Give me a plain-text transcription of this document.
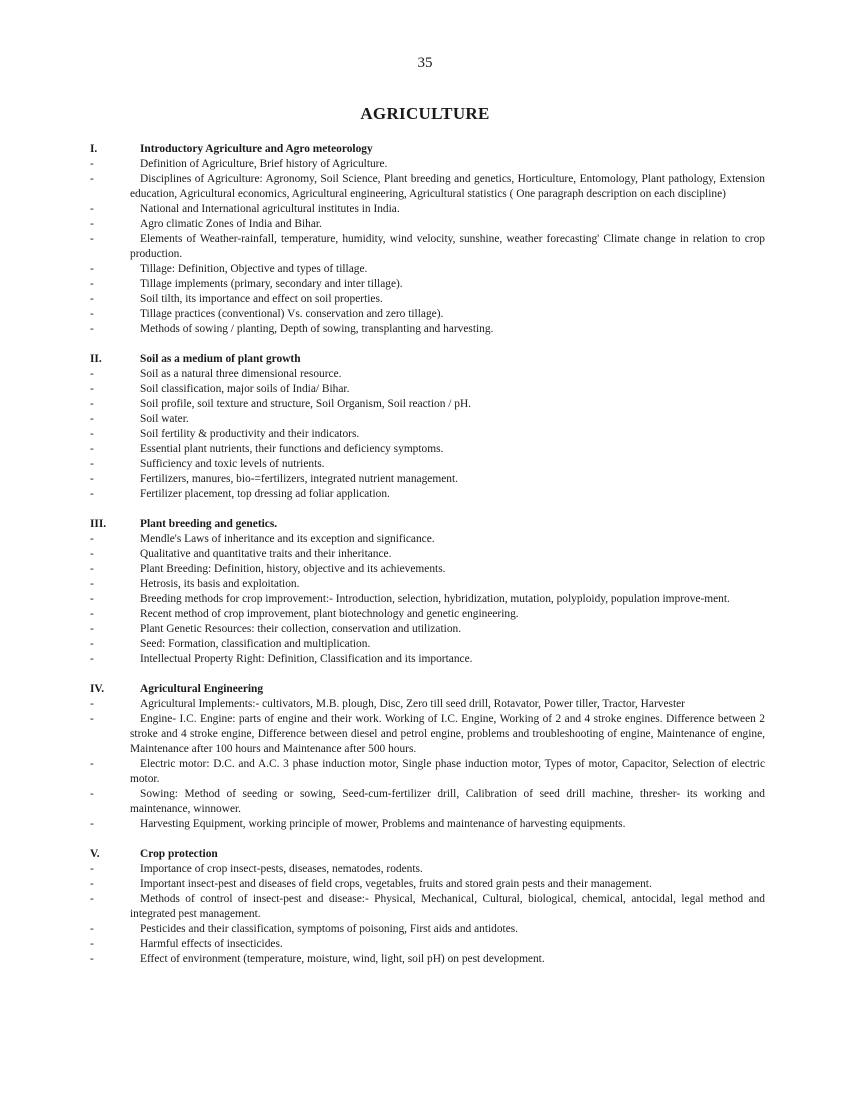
35
AGRICULTURE
I.	Introductory Agriculture and Agro meteorology
-	Definition of Agriculture, Brief history of Agriculture.
-	Disciplines of Agriculture: Agronomy, Soil Science, Plant breeding and genetics, Horticulture, Entomology, Plant pathology, Extension education, Agricultural economics, Agricultural engineering, Agricultural statistics ( One paragraph description on each discipline)
-	National and International agricultural institutes in India.
-	Agro climatic Zones of India and Bihar.
-	Elements of Weather-rainfall, temperature, humidity, wind velocity, sunshine, weather forecasting' Climate change in relation to crop production.
-	Tillage: Definition, Objective and types of tillage.
-	Tillage implements (primary, secondary and inter tillage).
-	Soil tilth, its importance and effect on soil properties.
-	Tillage practices (conventional) Vs. conservation and zero tillage).
-	Methods of sowing / planting, Depth of sowing, transplanting and harvesting.
II.	Soil as a medium of plant growth
-	Soil as a natural three dimensional resource.
-	Soil classification, major soils of India/ Bihar.
-	Soil profile, soil texture and structure, Soil Organism, Soil reaction / pH.
-	Soil water.
-	Soil fertility & productivity and their indicators.
-	Essential plant nutrients, their functions and deficiency symptoms.
-	Sufficiency and toxic levels of nutrients.
-	Fertilizers, manures, bio-=fertilizers, integrated nutrient management.
-	Fertilizer placement, top dressing ad foliar application.
III.	Plant breeding and genetics.
-	Mendle's Laws of inheritance and its exception and significance.
-	Qualitative and quantitative traits and their inheritance.
-	Plant Breeding: Definition, history, objective and its achievements.
-	Hetrosis, its basis and exploitation.
-	Breeding methods for crop improvement:- Introduction, selection, hybridization, mutation, polyploidy, population improve-ment.
-	Recent method of crop improvement, plant biotechnology and genetic engineering.
-	Plant Genetic Resources: their collection, conservation and utilization.
-	Seed: Formation, classification and multiplication.
-	Intellectual Property Right: Definition, Classification and its importance.
IV.	Agricultural Engineering
-	Agricultural Implements:- cultivators, M.B. plough, Disc, Zero till seed drill, Rotavator, Power tiller, Tractor, Harvester
-	Engine- I.C. Engine: parts of engine and their work. Working of I.C. Engine, Working of 2 and 4 stroke engines. Difference between 2 stroke and 4 stroke engine, Difference between diesel and petrol engine, problems and troubleshooting of engine, Maintenance of engine, Maintenance after 100 hours and Maintenance after 500 hours.
-	Electric motor: D.C. and A.C. 3 phase induction motor, Single phase induction motor, Types of motor, Capacitor, Selection of electric motor.
-	Sowing: Method of seeding or sowing, Seed-cum-fertilizer drill, Calibration of seed drill machine, thresher- its working and maintenance, winnower.
-	Harvesting Equipment, working principle of mower, Problems and maintenance of harvesting equipments.
V.	Crop protection
-	Importance of crop insect-pests, diseases, nematodes, rodents.
-	Important insect-pest and diseases of field crops, vegetables, fruits and stored grain pests and their management.
-	Methods of control of insect-pest and disease:- Physical, Mechanical, Cultural, biological, chemical, antocidal, legal method and integrated pest management.
-	Pesticides and their classification, symptoms of poisoning, First aids and antidotes.
-	Harmful effects of insecticides.
-	Effect of environment (temperature, moisture, wind, light, soil pH) on pest development.
